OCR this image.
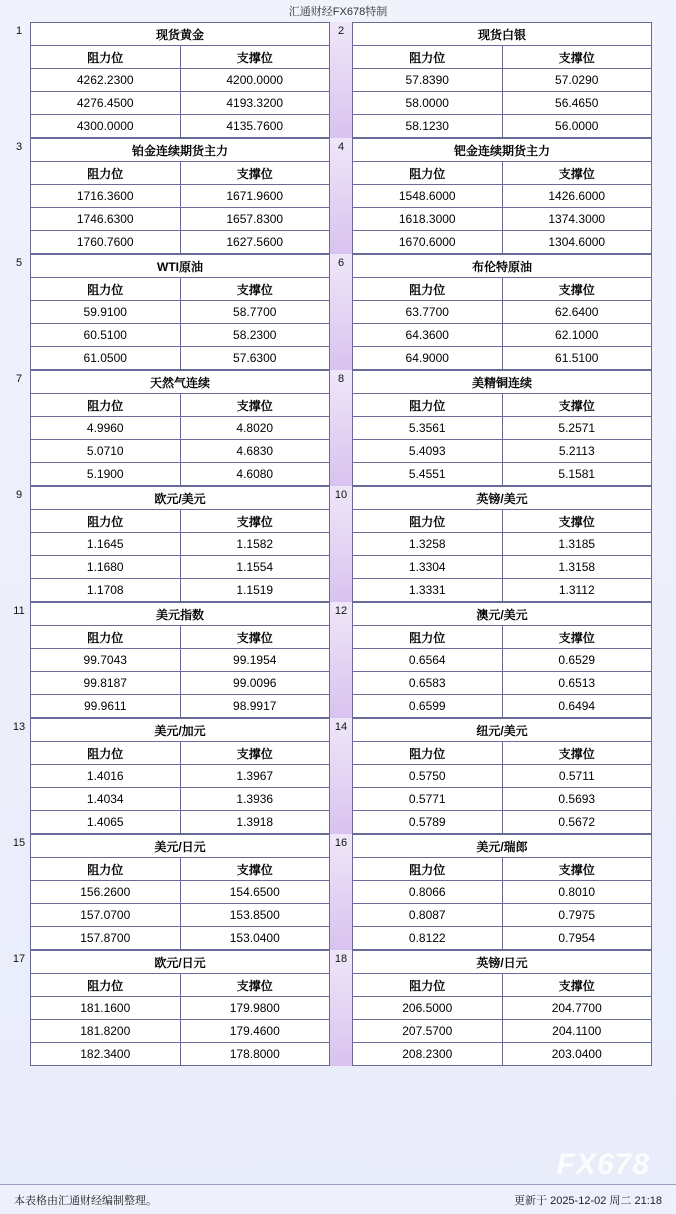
汇通财经FX678特制
1	现货黄金	
阻力位	支撑位
4262.2300	4200.0000
4276.4500	4193.3200
4300.0000	4135.7600
2	现货白银	
阻力位	支撑位
57.8390	57.0290
58.0000	56.4650
58.1230	56.0000
3	铂金连续期货主力	
阻力位	支撑位
1716.3600	1671.9600
1746.6300	1657.8300
1760.7600	1627.5600
4	钯金连续期货主力	
阻力位	支撑位
1548.6000	1426.6000
1618.3000	1374.3000
1670.6000	1304.6000
5	WTI原油	
阻力位	支撑位
59.9100	58.7700
60.5100	58.2300
61.0500	57.6300
6	布伦特原油	
阻力位	支撑位
63.7700	62.6400
64.3600	62.1000
64.9000	61.5100
7	天然气连续	
阻力位	支撑位
4.9960	4.8020
5.0710	4.6830
5.1900	4.6080
8	美精铜连续	
阻力位	支撑位
5.3561	5.2571
5.4093	5.2113
5.4551	5.1581
9	欧元/美元	
阻力位	支撑位
1.1645	1.1582
1.1680	1.1554
1.1708	1.1519
10	英镑/美元	
阻力位	支撑位
1.3258	1.3185
1.3304	1.3158
1.3331	1.3112
11	美元指数	
阻力位	支撑位
99.7043	99.1954
99.8187	99.0096
99.9611	98.9917
12	澳元/美元	
阻力位	支撑位
0.6564	0.6529
0.6583	0.6513
0.6599	0.6494
13	美元/加元	
阻力位	支撑位
1.4016	1.3967
1.4034	1.3936
1.4065	1.3918
14	纽元/美元	
阻力位	支撑位
0.5750	0.5711
0.5771	0.5693
0.5789	0.5672
15	美元/日元	
阻力位	支撑位
156.2600	154.6500
157.0700	153.8500
157.8700	153.0400
16	美元/瑞郎	
阻力位	支撑位
0.8066	0.8010
0.8087	0.7975
0.8122	0.7954
17	欧元/日元	
阻力位	支撑位
181.1600	179.9800
181.8200	179.4600
182.3400	178.8000
18	英镑/日元	
阻力位	支撑位
206.5000	204.7700
207.5700	204.1100
208.2300	203.0400
FX678
本表格由汇通财经编制整理。	更新于 2025-12-02 周二 21:18
